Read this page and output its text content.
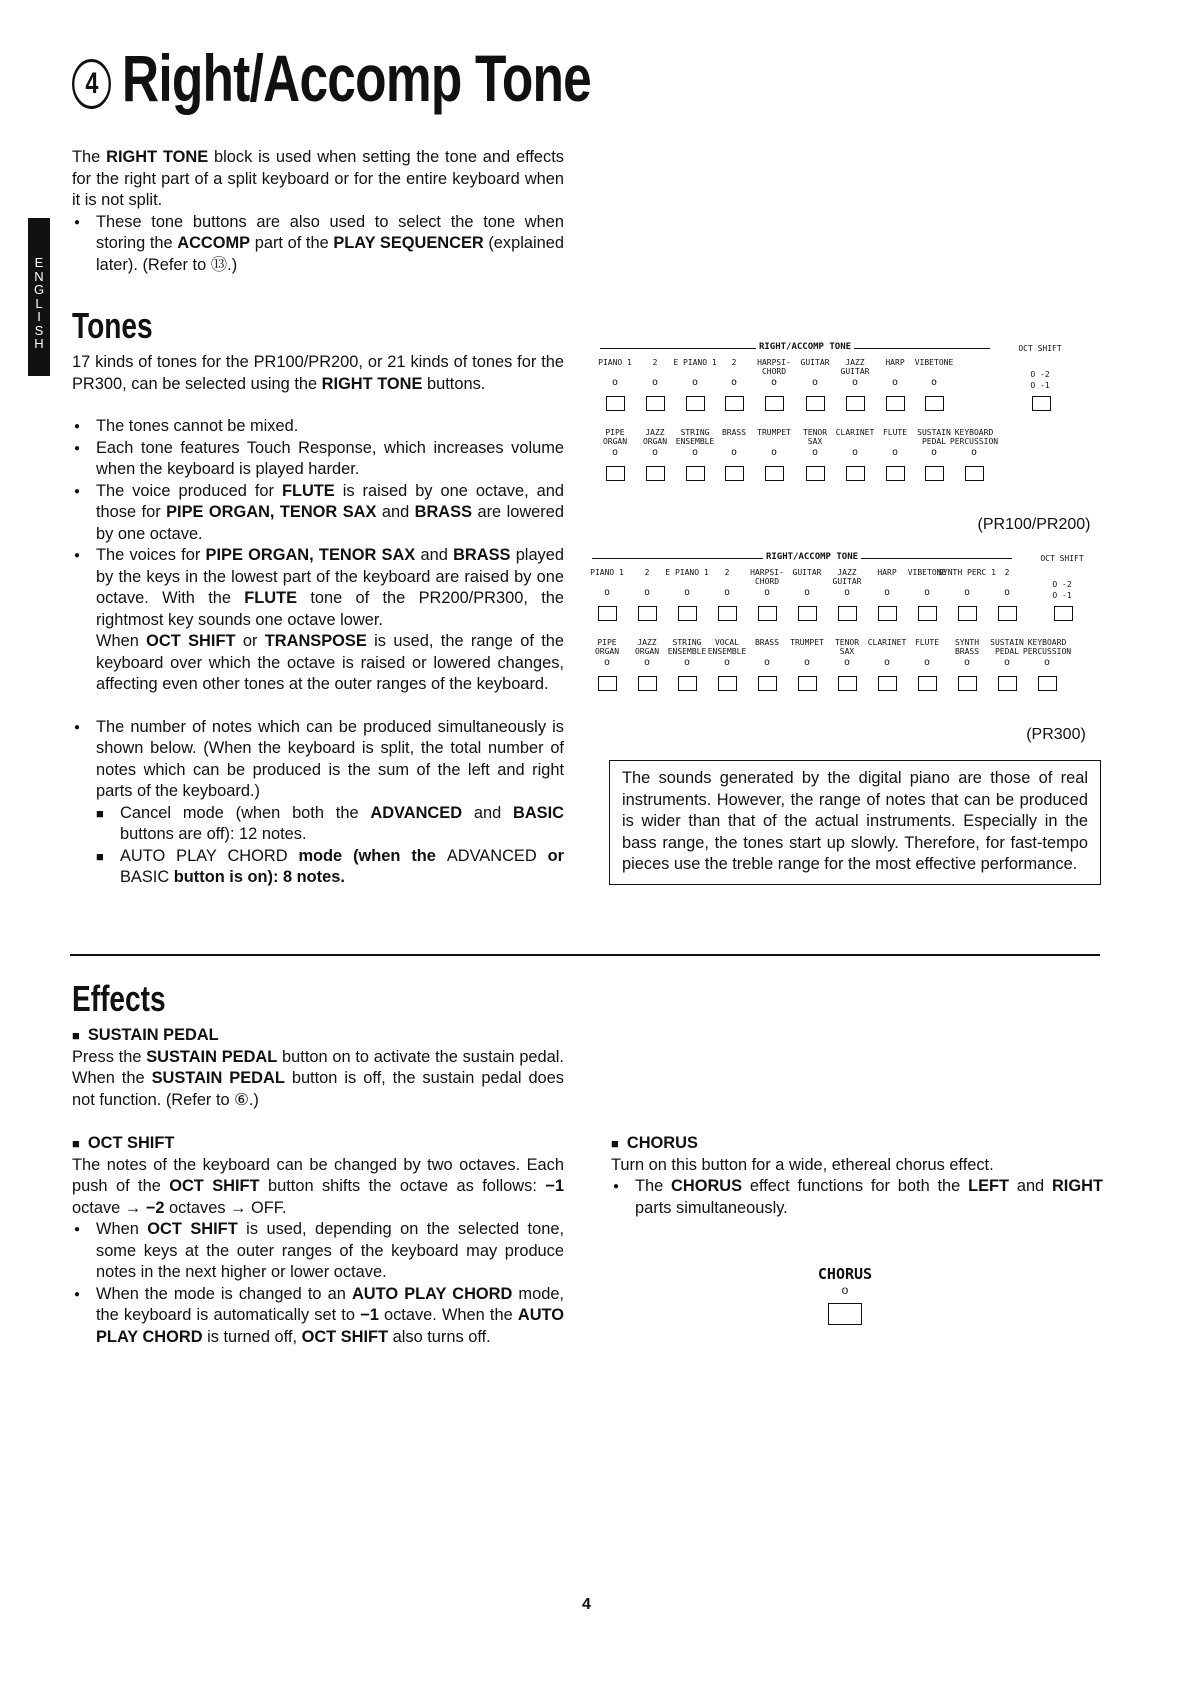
4 Right/Accomp Tone
E
N
G
L
I
S
H
The RIGHT TONE block is used when setting the tone and effects for the right part of a split keyboard or for the entire keyboard when it is not split.
● These tone buttons are also used to select the tone when storing the ACCOMP part of the PLAY SEQUENCER (explained later). (Refer to ⑬.)
Tones
17 kinds of tones for the PR100/PR200, or 21 kinds of tones for the PR300, can be selected using the RIGHT TONE buttons.
● The tones cannot be mixed.
● Each tone features Touch Response, which increases volume when the keyboard is played harder.
● The voice produced for FLUTE is raised by one octave, and those for PIPE ORGAN, TENOR SAX and BRASS are lowered by one octave.
● The voices for PIPE ORGAN, TENOR SAX and BRASS played by the keys in the lowest part of the keyboard are raised by one octave. With the FLUTE tone of the PR200/PR300, the rightmost key sounds one octave lower.
When OCT SHIFT or TRANSPOSE is used, the range of the keyboard over which the octave is raised or lowered changes, affecting even other tones at the outer ranges of the keyboard.
● The number of notes which can be produced simultaneously is shown below. (When the keyboard is split, the total number of notes which can be produced is the sum of the left and right parts of the keyboard.)
■ Cancel mode (when both the ADVANCED and BASIC buttons are off): 12 notes.
■ AUTO PLAY CHORD mode (when the ADVANCED or BASIC button is on): 8 notes.
RIGHT/ACCOMP TONE
PIANO 1	2 E PIANO 1 2	HARPSI-
CHORD
GUITAR	JAZZ
GUITAR
HARP VIBETONE
o	o	o	o	o	o	o	o	o
PIPE
ORGAN
o
JAZZ
ORGAN
o
STRING
ENSEMBLE
o
BRASS
o
TRUMPET
o
TENOR
SAX
o
CLARINET
o
FLUTE
o
SUSTAIN
PEDAL
o
KEYBOARD
PERCUSSION
o
OCT SHIFT
O -2
O -1
(PR100/PR200)
RIGHT/ACCOMP TONE
PIANO 1	2 E PIANO 1 2	HARPSI-
CHORD
GUITAR	JAZZ
GUITAR
HARP VIBETONE
SYNTH PERC 1 2
o	o	o	o	o	o	o	o	o	o	o
PIPE
ORGAN
o
JAZZ
ORGAN
o
STRING
ENSEMBLE
o
VOCAL
ENSEMBLE
o
BRASS
o
TRUMPET
o
TENOR
SAX
o
CLARINET
o
FLUTE
o
SYNTH
BRASS
o
SUSTAIN
PEDAL
o
KEYBOARD
PERCUSSION
o
OCT SHIFT
O -2
O -1
(PR300)
The sounds generated by the digital piano are those of real instruments. However, the range of notes that can be produced is wider than that of the actual instruments. Especially in the bass range, the tones start up slowly. Therefore, for fast-tempo pieces use the treble range for the most effective performance.
Effects
■ SUSTAIN PEDAL
Press the SUSTAIN PEDAL button on to activate the sustain pedal. When the SUSTAIN PEDAL button is off, the sustain pedal does not function. (Refer to ⑥.)
■ OCT SHIFT
The notes of the keyboard can be changed by two octaves. Each push of the OCT SHIFT button shifts the octave as follows: −1 octave → −2 octaves → OFF.
● When OCT SHIFT is used, depending on the selected tone, some keys at the outer ranges of the keyboard may produce notes in the next higher or lower octave.
● When the mode is changed to an AUTO PLAY CHORD mode, the keyboard is automatically set to −1 octave. When the AUTO PLAY CHORD is turned off, OCT SHIFT also turns off.
■ CHORUS
Turn on this button for a wide, ethereal chorus effect.
● The CHORUS effect functions for both the LEFT and RIGHT parts simultaneously.
CHORUS
o
4
